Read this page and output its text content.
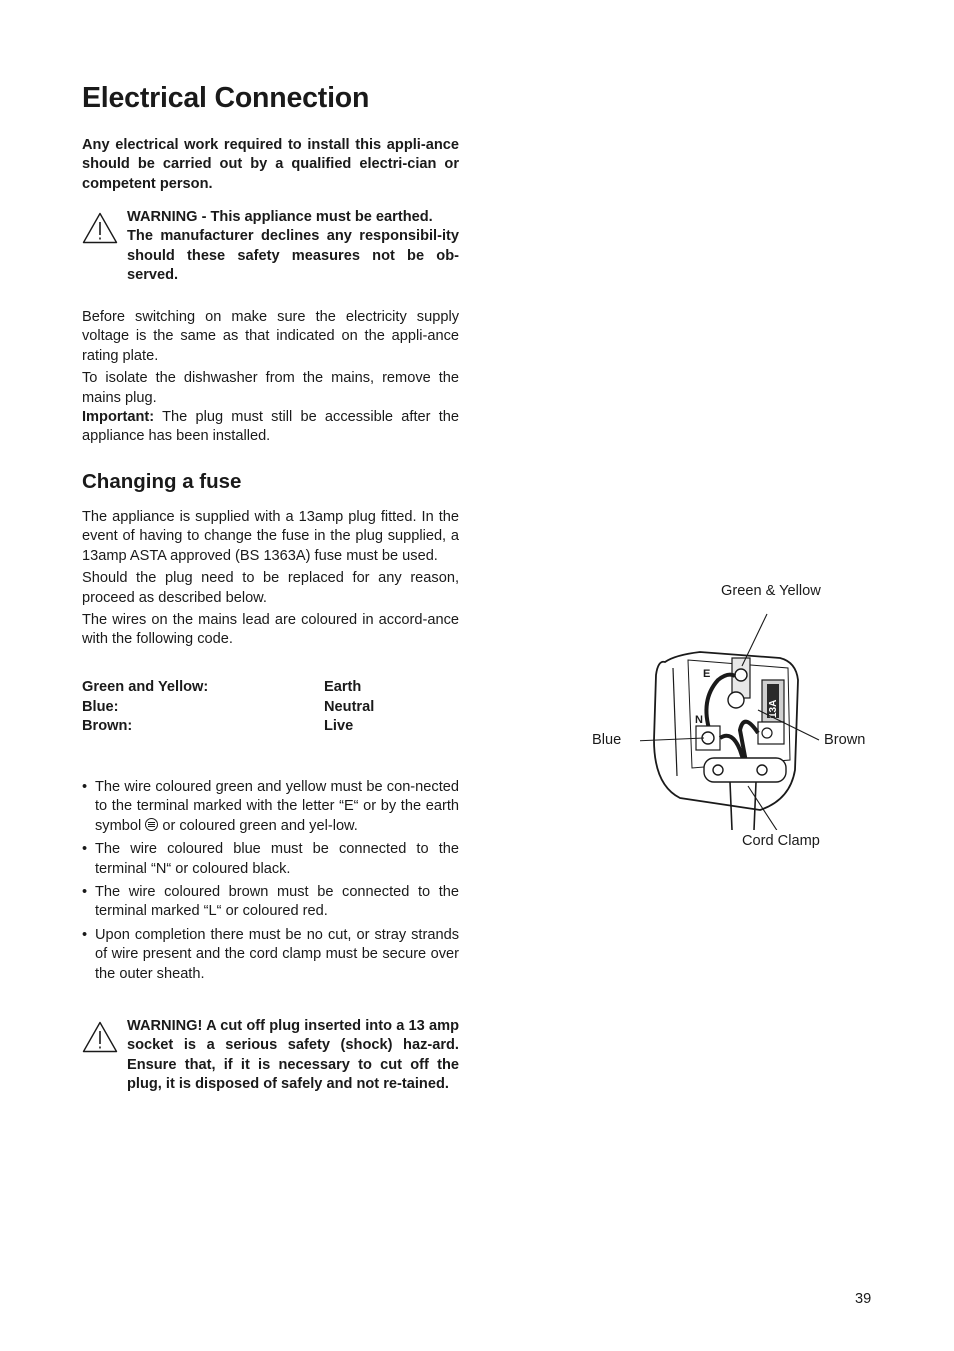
Electrical Connection

Any electrical work required to install this appli-ance should be carried out by a qualified electri-cian or competent person.

WARNING - This appliance must be earthed.

The manufacturer declines any responsibil-ity should these safety measures not be ob-served.

Before switching on make sure the electricity supply voltage is the same as that indicated on the appli-ance rating plate.

To isolate the dishwasher from the mains, remove the mains plug.

Important: The plug must still be accessible after the appliance has been installed.

Changing a fuse

The appliance is supplied with a 13amp plug fitted. In the event of having to change the fuse in the plug supplied, a 13amp ASTA approved (BS 1363A) fuse must be used.

Should the plug need to be replaced for any reason, proceed as described below.

The wires on the mains lead are coloured in accord-ance with the following code.

Green and Yellow:	Earth
Blue:	Neutral
Brown:	Live
• The wire coloured green and yellow must be con-nected to the terminal marked with the letter “E“ or by the earth symbol  or coloured green and yel-low.
• The wire coloured blue must be connected to the terminal “N“ or coloured black.
• The wire coloured brown must be connected to the terminal marked “L“ or coloured red.
• Upon completion there must be no cut, or stray strands of wire present and the cord clamp must be secure over the outer sheath.

WARNING! A cut off plug inserted into a 13 amp socket is a serious safety (shock) haz-ard. Ensure that, if it is necessary to cut off the plug, it is disposed of safely and not re-tained.

E
13A
N
Green & Yellow
Blue	Brown
Cord Clamp
39
